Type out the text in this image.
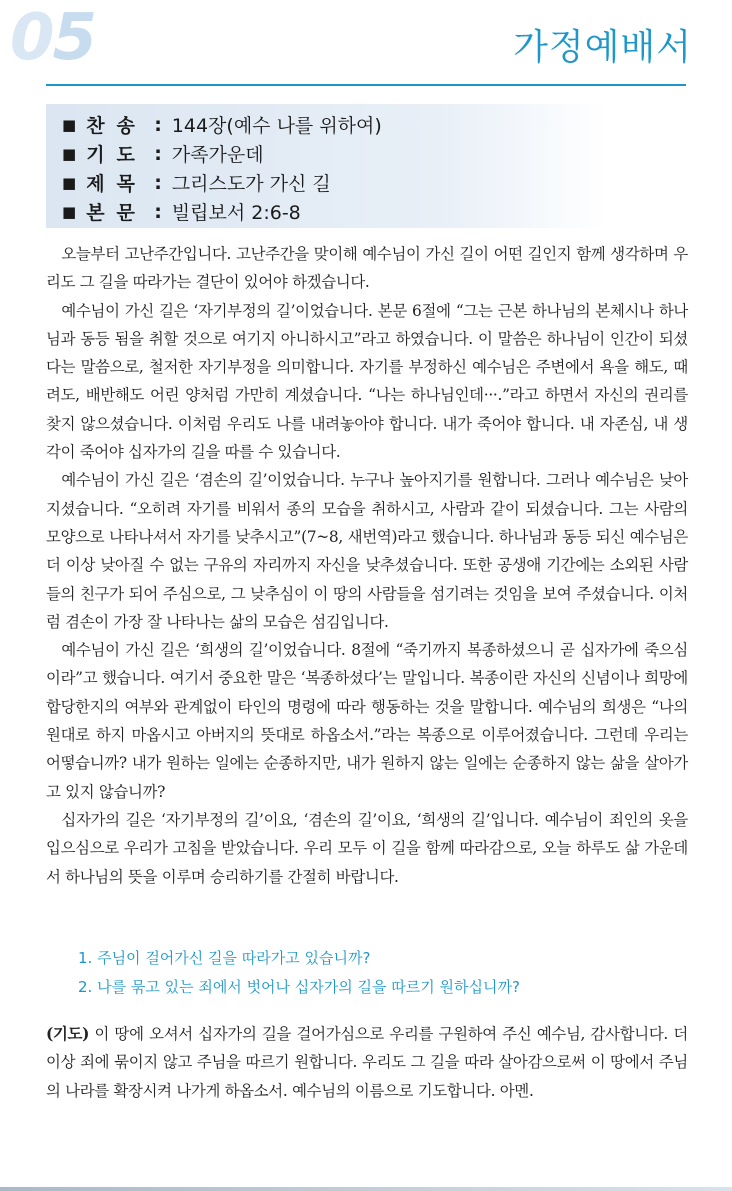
05	가정예배서
■ 찬송 : 144장(예수 나를 위하여)
■ 기도 : 가족가운데
■ 제목 : 그리스도가 가신 길
■ 본문 : 빌립보서 2:6-8

오늘부터 고난주간입니다. 고난주간을 맞이해 예수님이 가신 길이 어떤 길인지 함께 생각하며 우리도 그 길을 따라가는 결단이 있어야 하겠습니다.

예수님이 가신 길은 ‘자기부정의 길’이었습니다. 본문 6절에 “그는 근본 하나님의 본체시나 하나님과 동등 됨을 취할 것으로 여기지 아니하시고”라고 하였습니다. 이 말씀은 하나님이 인간이 되셨다는 말씀으로, 철저한 자기부정을 의미합니다. 자기를 부정하신 예수님은 주변에서 욕을 해도, 때려도, 배반해도 어린 양처럼 가만히 계셨습니다. “나는 하나님인데···.”라고 하면서 자신의 권리를 찾지 않으셨습니다. 이처럼 우리도 나를 내려놓아야 합니다. 내가 죽어야 합니다. 내 자존심, 내 생각이 죽어야 십자가의 길을 따를 수 있습니다.

예수님이 가신 길은 ‘겸손의 길’이었습니다. 누구나 높아지기를 원합니다. 그러나 예수님은 낮아지셨습니다. “오히려 자기를 비워서 종의 모습을 취하시고, 사람과 같이 되셨습니다. 그는 사람의 모양으로 나타나셔서 자기를 낮추시고”(7~8, 새번역)라고 했습니다. 하나님과 동등 되신 예수님은 더 이상 낮아질 수 없는 구유의 자리까지 자신을 낮추셨습니다. 또한 공생애 기간에는 소외된 사람들의 친구가 되어 주심으로, 그 낮추심이 이 땅의 사람들을 섬기려는 것임을 보여 주셨습니다. 이처럼 겸손이 가장 잘 나타나는 삶의 모습은 섬김입니다.

예수님이 가신 길은 ‘희생의 길’이었습니다. 8절에 “죽기까지 복종하셨으니 곧 십자가에 죽으심이라”고 했습니다. 여기서 중요한 말은 ‘복종하셨다’는 말입니다. 복종이란 자신의 신념이나 희망에 합당한지의 여부와 관계없이 타인의 명령에 따라 행동하는 것을 말합니다. 예수님의 희생은 “나의 원대로 하지 마옵시고 아버지의 뜻대로 하옵소서.”라는 복종으로 이루어졌습니다. 그런데 우리는 어떻습니까? 내가 원하는 일에는 순종하지만, 내가 원하지 않는 일에는 순종하지 않는 삶을 살아가고 있지 않습니까?

십자가의 길은 ‘자기부정의 길’이요, ‘겸손의 길’이요, ‘희생의 길’입니다. 예수님이 죄인의 옷을 입으심으로 우리가 고침을 받았습니다. 우리 모두 이 길을 함께 따라감으로, 오늘 하루도 삶 가운데서 하나님의 뜻을 이루며 승리하기를 간절히 바랍니다.

1. 주님이 걸어가신 길을 따라가고 있습니까?
2. 나를 묶고 있는 죄에서 벗어나 십자가의 길을 따르기 원하십니까?
(기도) 이 땅에 오셔서 십자가의 길을 걸어가심으로 우리를 구원하여 주신 예수님, 감사합니다. 더 이상 죄에 묶이지 않고 주님을 따르기 원합니다. 우리도 그 길을 따라 살아감으로써 이 땅에서 주님의 나라를 확장시켜 나가게 하옵소서. 예수님의 이름으로 기도합니다. 아멘.
